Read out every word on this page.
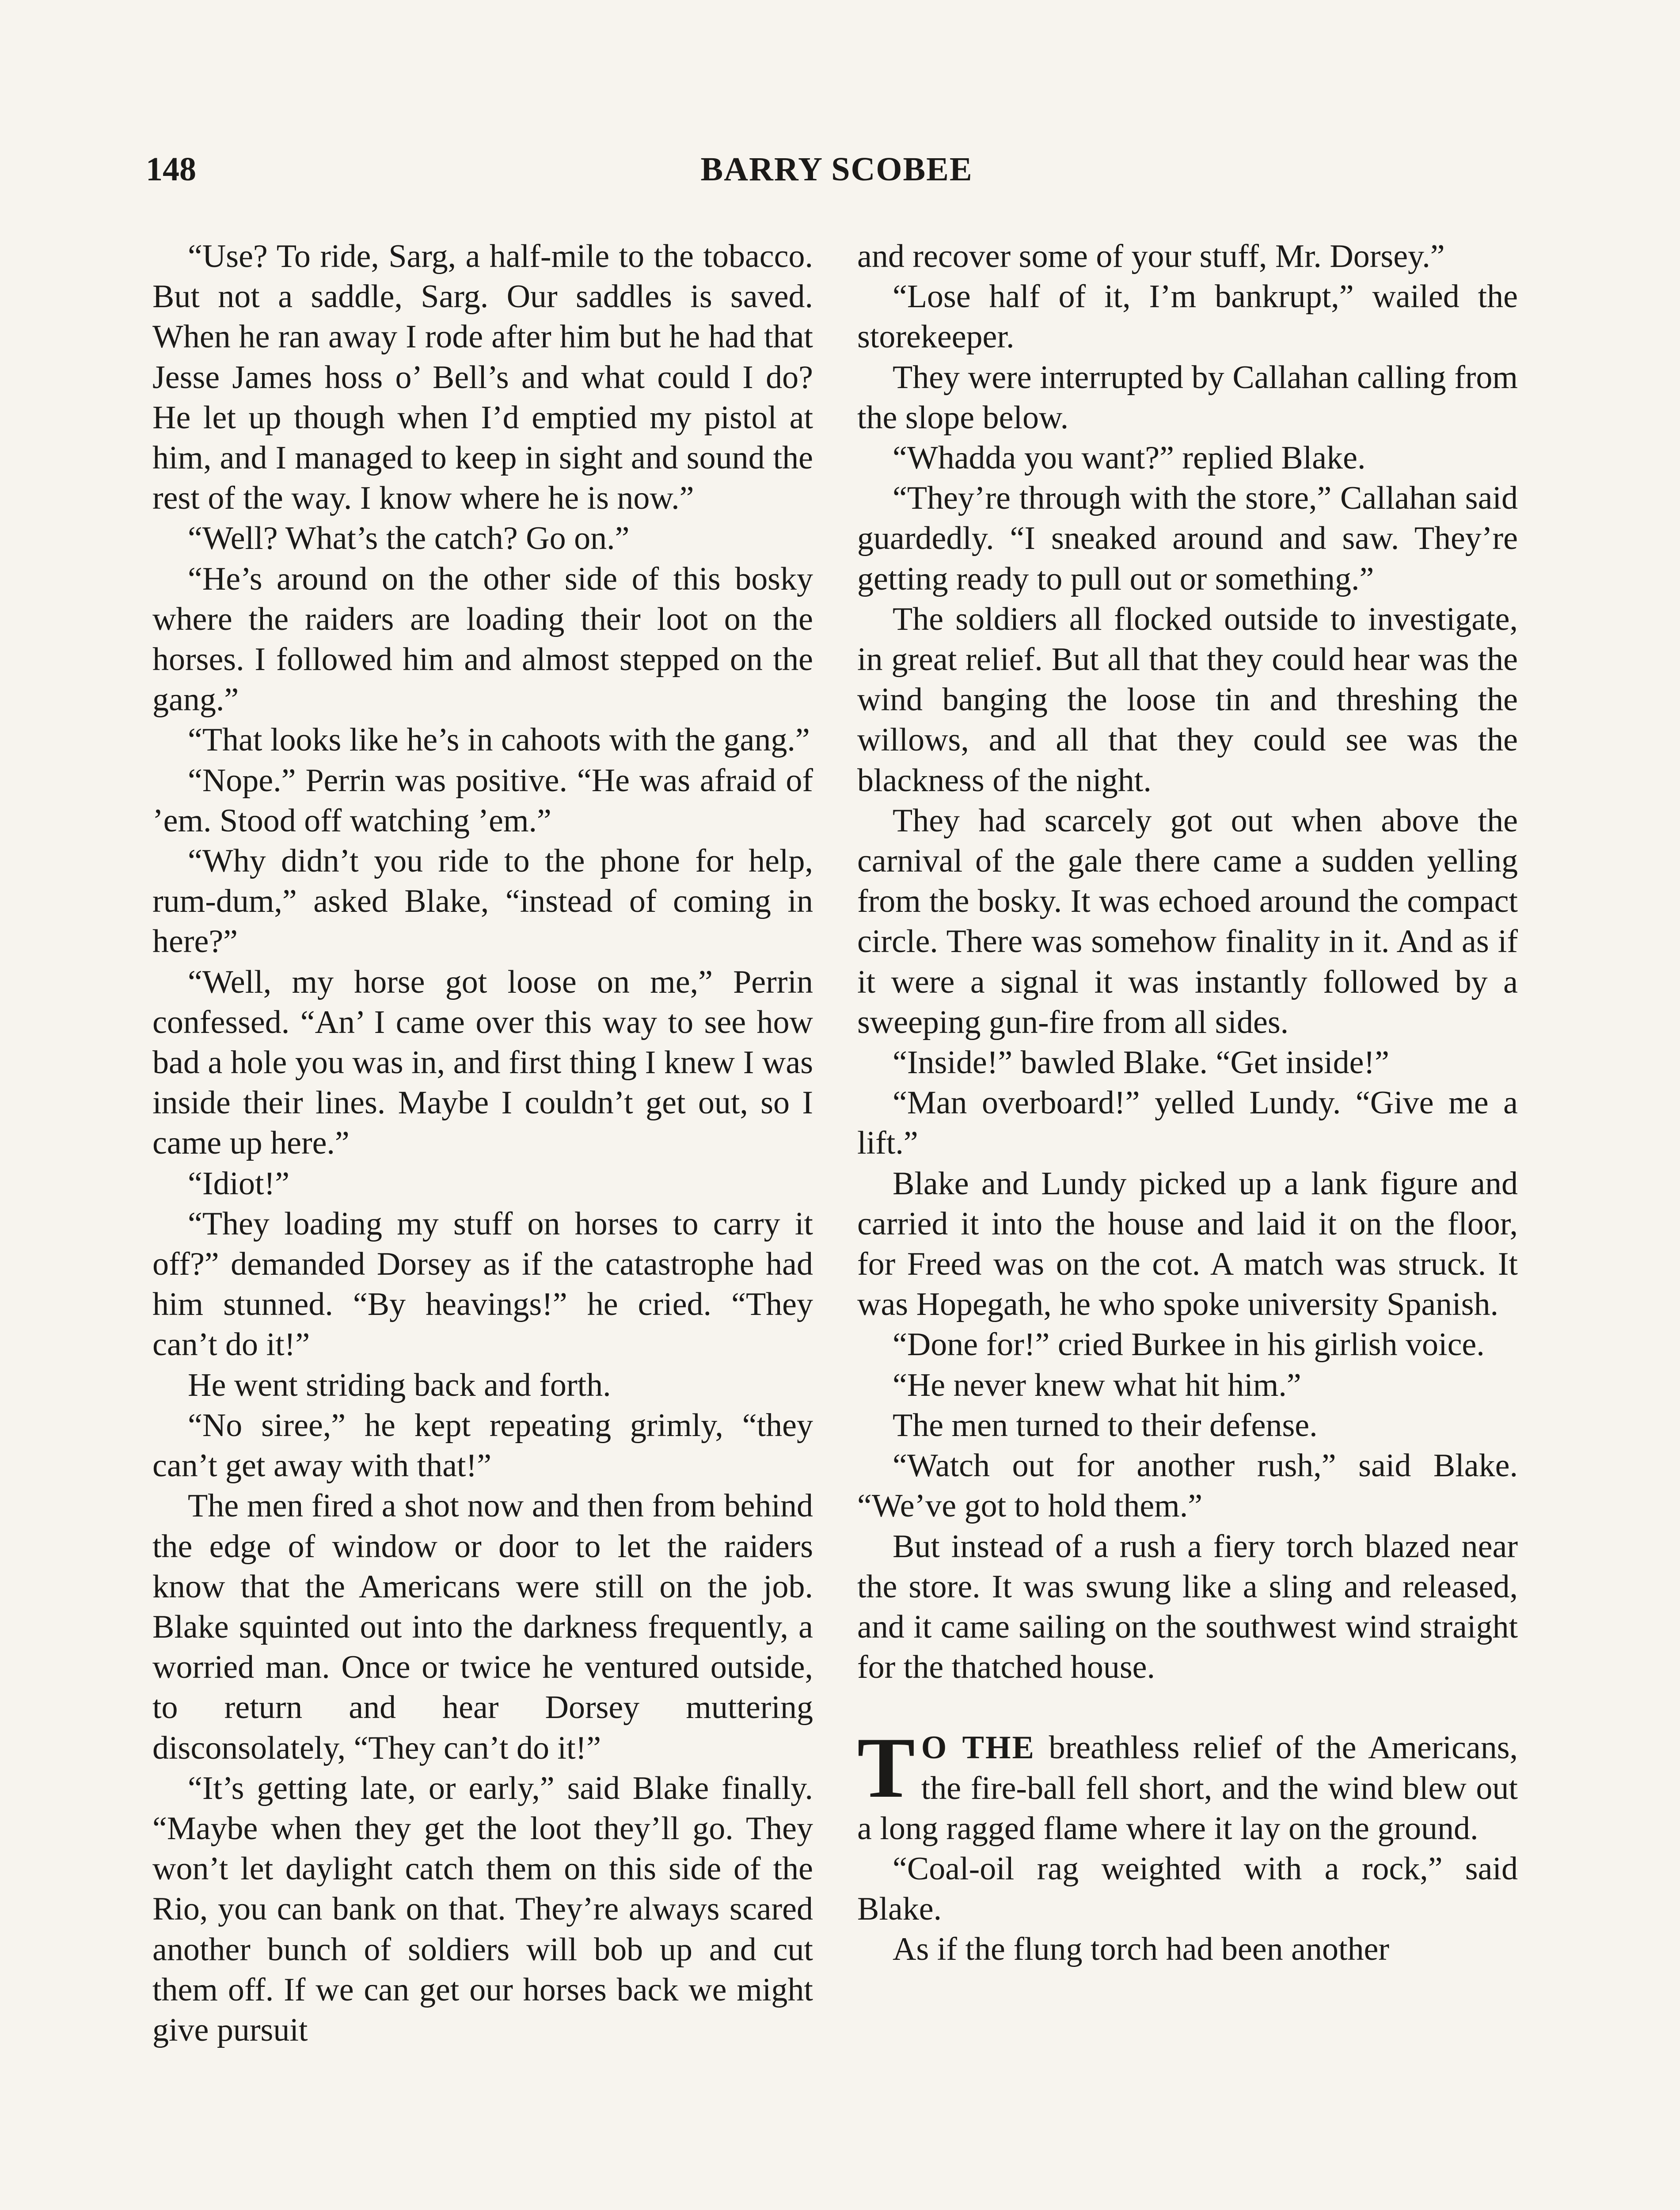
148	BARRY SCOBEE

“Use? To ride, Sarg, a half-mile to the tobacco. But not a saddle, Sarg. Our saddles is saved. When he ran away I rode after him but he had that Jesse James hoss o’ Bell’s and what could I do? He let up though when I’d emptied my pistol at him, and I managed to keep in sight and sound the rest of the way. I know where he is now.”

“Well? What’s the catch? Go on.”

“He’s around on the other side of this bosky where the raiders are loading their loot on the horses. I followed him and almost stepped on the gang.”

“That looks like he’s in cahoots with the gang.”

“Nope.” Perrin was positive. “He was afraid of ’em. Stood off watching ’em.”

“Why didn’t you ride to the phone for help, rum-dum,” asked Blake, “instead of coming in here?”

“Well, my horse got loose on me,” Perrin confessed. “An’ I came over this way to see how bad a hole you was in, and first thing I knew I was inside their lines. Maybe I couldn’t get out, so I came up here.”

“Idiot!”

“They loading my stuff on horses to carry it off?” demanded Dorsey as if the catastrophe had him stunned. “By heavings!” he cried. “They can’t do it!”

He went striding back and forth.

“No siree,” he kept repeating grimly, “they can’t get away with that!”

The men fired a shot now and then from behind the edge of window or door to let the raiders know that the Americans were still on the job. Blake squinted out into the darkness frequently, a worried man. Once or twice he ventured outside, to return and hear Dorsey muttering disconsolately, “They can’t do it!”

“It’s getting late, or early,” said Blake finally. “Maybe when they get the loot they’ll go. They won’t let daylight catch them on this side of the Rio, you can bank on that. They’re always scared another bunch of soldiers will bob up and cut them off. If we can get our horses back we might give pursuit

and recover some of your stuff, Mr. Dorsey.”

“Lose half of it, I’m bankrupt,” wailed the storekeeper.

They were interrupted by Callahan calling from the slope below.

“Whadda you want?” replied Blake.

“They’re through with the store,” Callahan said guardedly. “I sneaked around and saw. They’re getting ready to pull out or something.”

The soldiers all flocked outside to investigate, in great relief. But all that they could hear was the wind banging the loose tin and threshing the willows, and all that they could see was the blackness of the night.

They had scarcely got out when above the carnival of the gale there came a sudden yelling from the bosky. It was echoed around the compact circle. There was somehow finality in it. And as if it were a signal it was instantly followed by a sweeping gun-fire from all sides.

“Inside!” bawled Blake. “Get inside!”

“Man overboard!” yelled Lundy. “Give me a lift.”

Blake and Lundy picked up a lank figure and carried it into the house and laid it on the floor, for Freed was on the cot. A match was struck. It was Hopegath, he who spoke university Spanish.

“Done for!” cried Burkee in his girlish voice.

“He never knew what hit him.”

The men turned to their defense.

“Watch out for another rush,” said Blake. “We’ve got to hold them.”

But instead of a rush a fiery torch blazed near the store. It was swung like a sling and released, and it came sailing on the southwest wind straight for the thatched house.

T O THE breathless relief of the Americans, the fire-ball fell short, and the wind blew out a long ragged flame where it lay on the ground.

“Coal-oil rag weighted with a rock,” said Blake.

As if the flung torch had been another
